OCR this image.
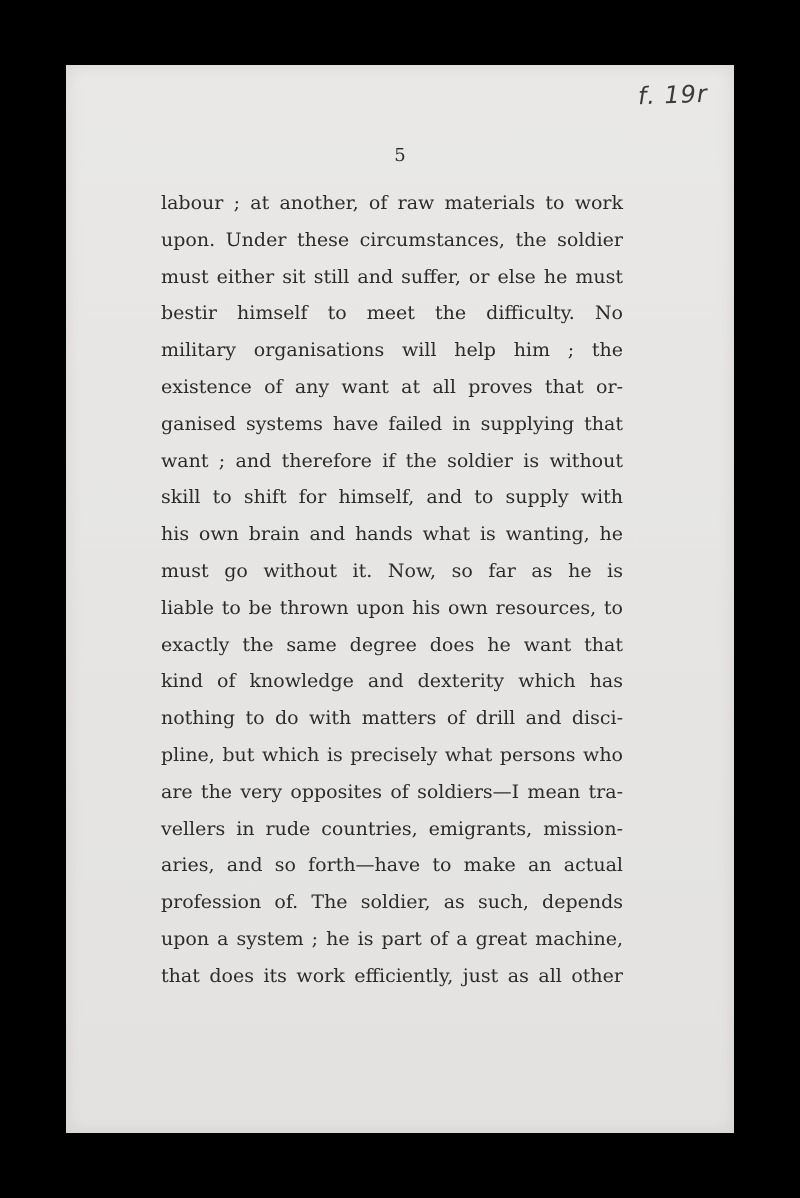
f. 19r
5
labour ; at another, of raw materials to work
upon. Under these circumstances, the soldier
must either sit still and suffer, or else he must
bestir himself to meet the difficulty. No
military organisations will help him ; the
existence of any want at all proves that or-
ganised systems have failed in supplying that
want ; and therefore if the soldier is without
skill to shift for himself, and to supply with
his own brain and hands what is wanting, he
must go without it. Now, so far as he is
liable to be thrown upon his own resources, to
exactly the same degree does he want that
kind of knowledge and dexterity which has
nothing to do with matters of drill and disci-
pline, but which is precisely what persons who
are the very opposites of soldiers—I mean tra-
vellers in rude countries, emigrants, mission-
aries, and so forth—have to make an actual
profession of. The soldier, as such, depends
upon a system ; he is part of a great machine,
that does its work efficiently, just as all other
